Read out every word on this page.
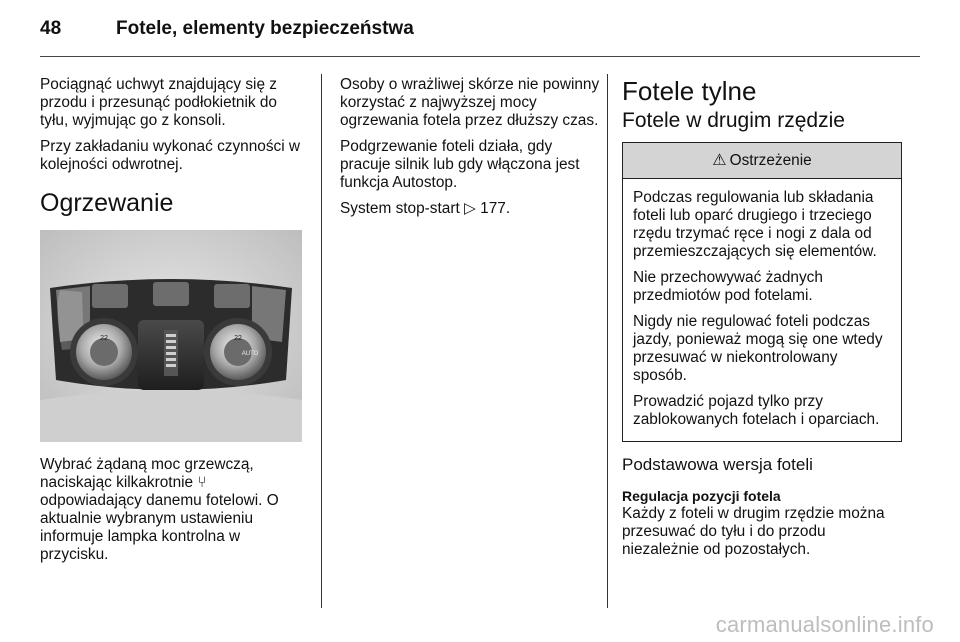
48	Fotele, elementy bezpieczeństwa

Pociągnąć uchwyt znajdujący się z przodu i przesunąć podłokietnik do tyłu, wyjmując go z konsoli.

Przy zakładaniu wykonać czynności w kolejności odwrotnej.

Ogrzewanie
22	22
AUTO

Wybrać żądaną moc grzewczą, naciskając kilkakrotnie ⑂ odpowiadający danemu fotelowi. O aktualnie wybranym ustawieniu informuje lampka kontrolna w przycisku.

Osoby o wrażliwej skórze nie powinny korzystać z najwyższej mocy ogrzewania fotela przez dłuższy czas.

Podgrzewanie foteli działa, gdy pracuje silnik lub gdy włączona jest funkcja Autostop.

System stop-start ▷ 177.

Fotele tylne
Fotele w drugim rzędzie
⚠ Ostrzeżenie

Podczas regulowania lub składania foteli lub oparć drugiego i trzeciego rzędu trzymać ręce i nogi z dala od przemieszczających się elementów.

Nie przechowywać żadnych przedmiotów pod fotelami.

Nigdy nie regulować foteli podczas jazdy, ponieważ mogą się one wtedy przesuwać w niekontrolowany sposób.

Prowadzić pojazd tylko przy zablokowanych fotelach i oparciach.

Podstawowa wersja foteli
Regulacja pozycji fotela

Każdy z foteli w drugim rzędzie można przesuwać do tyłu i do przodu niezależnie od pozostałych.

carmanualsonline.info
